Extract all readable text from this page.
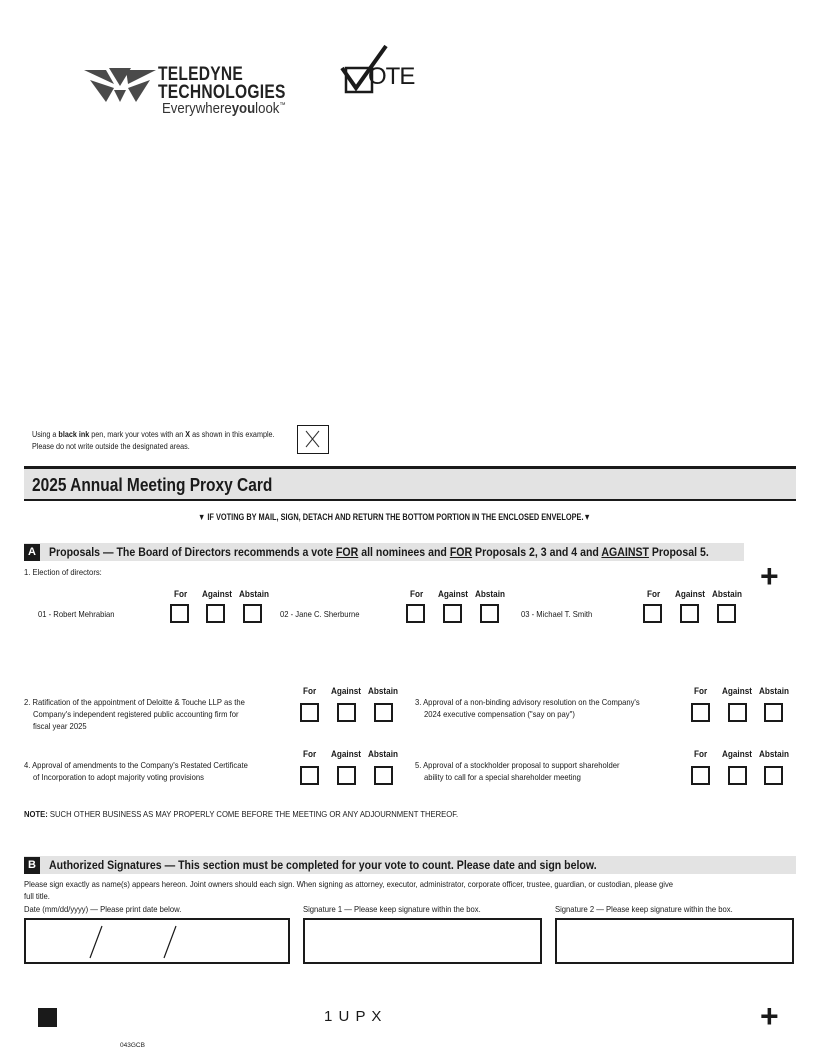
TELEDYNE
TECHNOLOGIES
Everywhereyoulook™
OTE
Using a black ink pen, mark your votes with an X as shown in this example.
Please do not write outside the designated areas.
2025 Annual Meeting Proxy Card
▼ IF VOTING BY MAIL, SIGN, DETACH AND RETURN THE BOTTOM PORTION IN THE ENCLOSED ENVELOPE.▼
A	Proposals — The Board of Directors recommends a vote FOR all nominees and FOR Proposals 2, 3 and 4 and AGAINST Proposal 5.
+
1. Election of directors:
For Against Abstain
01 - Robert Mehrabian
For Against Abstain
02 - Jane C. Sherburne
For Against Abstain
03 - Michael T. Smith
2. Ratification of the appointment of Deloitte & Touche LLP as the
Company's independent registered public accounting firm for
fiscal year 2025
For Against Abstain
3. Approval of a non-binding advisory resolution on the Company's
2024 executive compensation ("say on pay")
For Against Abstain
4. Approval of amendments to the Company's Restated Certificate
of Incorporation to adopt majority voting provisions
For Against Abstain
5. Approval of a stockholder proposal to support shareholder
ability to call for a special shareholder meeting
For Against Abstain
NOTE: SUCH OTHER BUSINESS AS MAY PROPERLY COME BEFORE THE MEETING OR ANY ADJOURNMENT THEREOF.
B	Authorized Signatures — This section must be completed for your vote to count. Please date and sign below.
Please sign exactly as name(s) appears hereon. Joint owners should each sign. When signing as attorney, executor, administrator, corporate officer, trustee, guardian, or custodian, please give
full title.
Date (mm/dd/yyyy) — Please print date below.	Signature 1 — Please keep signature within the box.	Signature 2 — Please keep signature within the box.
1 U P X	+
043GCB
